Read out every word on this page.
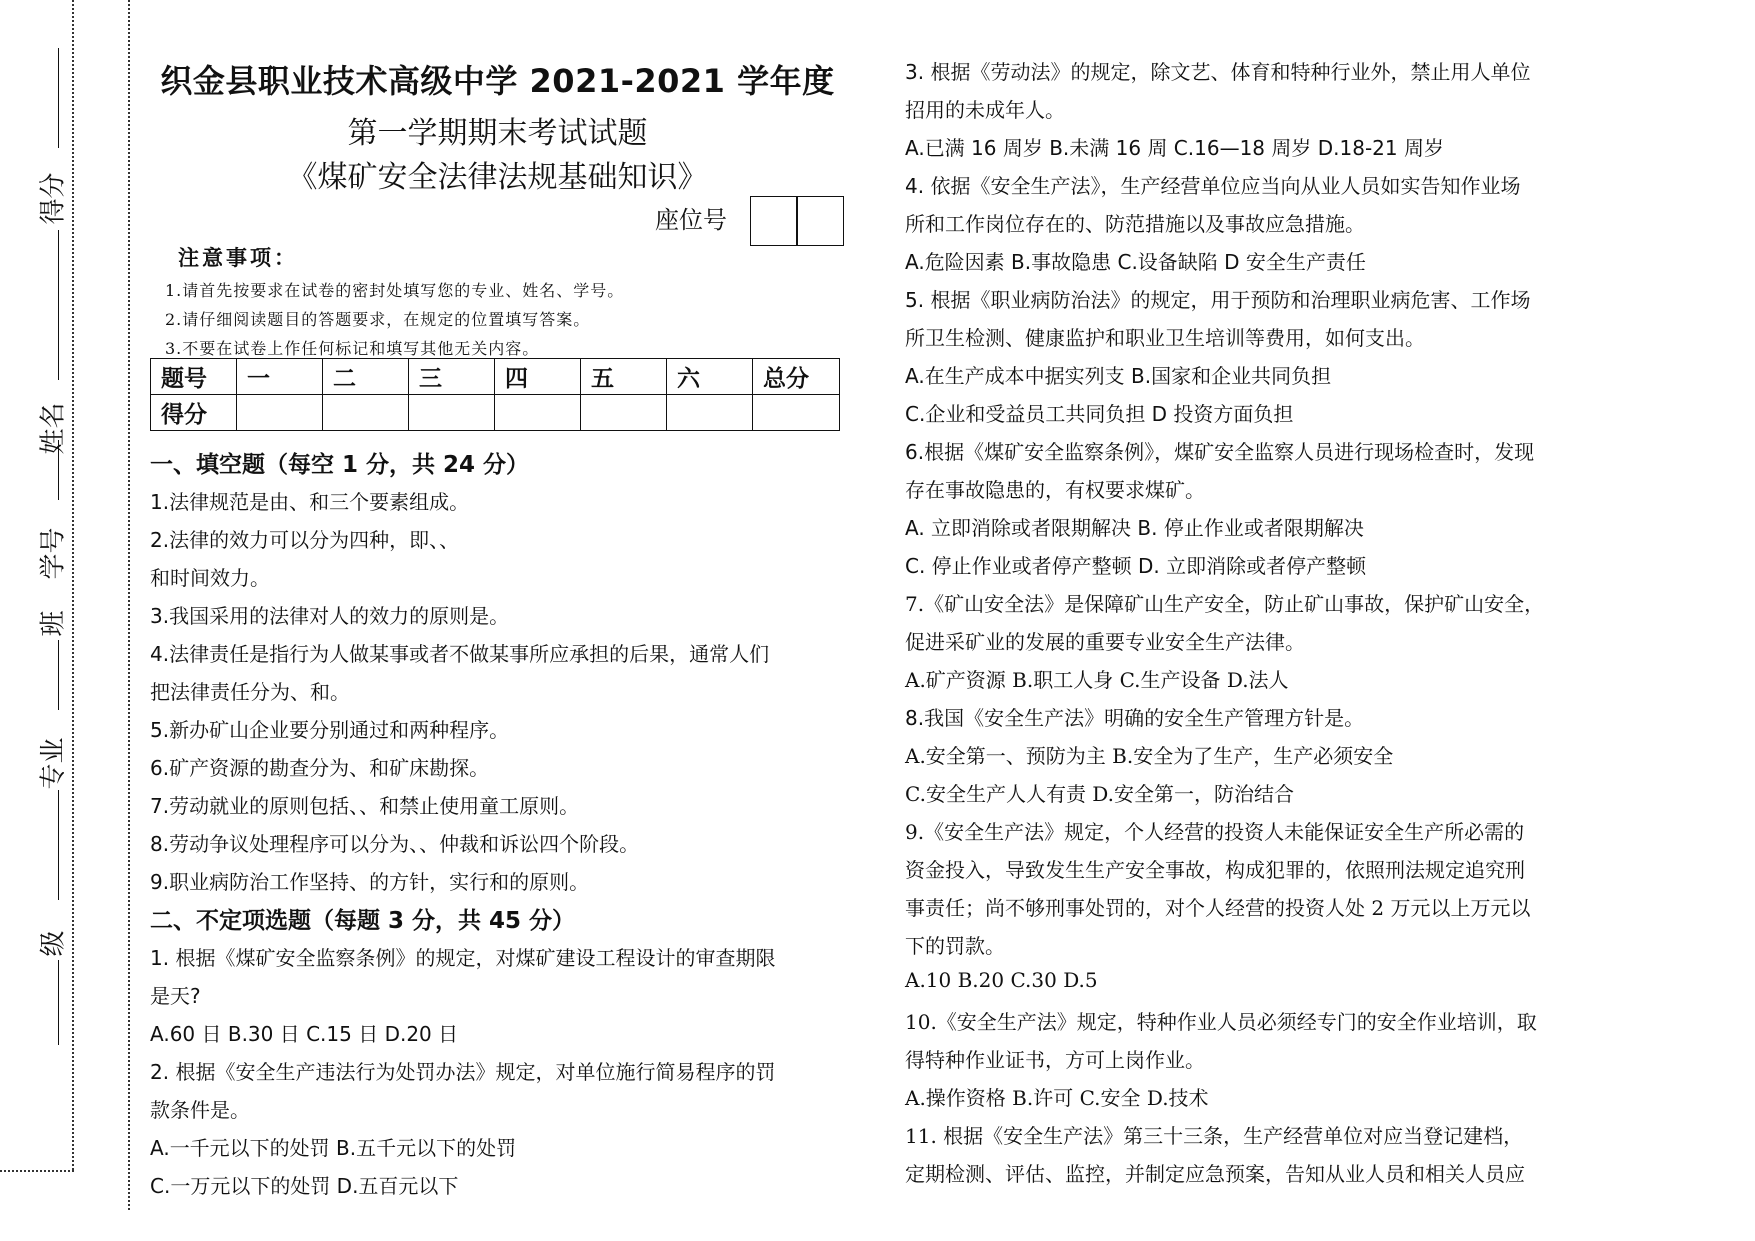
得分
姓名
学号
班
专业
级
织金县职业技术高级中学 2021-2021 学年度
第一学期期末考试试题
《煤矿安全法律法规基础知识》
座位号
注意事项：
1.请首先按要求在试卷的密封处填写您的专业、姓名、学号。
2.请仔细阅读题目的答题要求，在规定的位置填写答案。
3.不要在试卷上作任何标记和填写其他无关内容。
题号	一	二	三	四	五	六	总分
得分							
一、填空题（每空 1 分，共 24 分）
1.法律规范是由、和三个要素组成。
2.法律的效力可以分为四种，即、、
和时间效力。
3.我国采用的法律对人的效力的原则是。
4.法律责任是指行为人做某事或者不做某事所应承担的后果，通常人们
把法律责任分为、和。
5.新办矿山企业要分别通过和两种程序。
6.矿产资源的勘查分为、和矿床勘探。
7.劳动就业的原则包括、、和禁止使用童工原则。
8.劳动争议处理程序可以分为、、仲裁和诉讼四个阶段。
9.职业病防治工作坚持、的方针，实行和的原则。
二、不定项选题（每题 3 分，共 45 分）
1. 根据《煤矿安全监察条例》的规定，对煤矿建设工程设计的审查期限
是天?
A.60 日 B.30 日 C.15 日 D.20 日
2. 根据《安全生产违法行为处罚办法》规定，对单位施行简易程序的罚
款条件是。
A.一千元以下的处罚 B.五千元以下的处罚
C.一万元以下的处罚 D.五百元以下
3. 根据《劳动法》的规定，除文艺、体育和特种行业外，禁止用人单位
招用的未成年人。
A.已满 16 周岁 B.未满 16 周 C.16—18 周岁 D.18-21 周岁
4. 依据《安全生产法》，生产经营单位应当向从业人员如实告知作业场
所和工作岗位存在的、防范措施以及事故应急措施。
A.危险因素 B.事故隐患 C.设备缺陷 D 安全生产责任
5. 根据《职业病防治法》的规定，用于预防和治理职业病危害、工作场
所卫生检测、健康监护和职业卫生培训等费用，如何支出。
A.在生产成本中据实列支 B.国家和企业共同负担
C.企业和受益员工共同负担 D 投资方面负担
6.根据《煤矿安全监察条例》，煤矿安全监察人员进行现场检查时，发现
存在事故隐患的，有权要求煤矿。
A. 立即消除或者限期解决 B. 停止作业或者限期解决
C. 停止作业或者停产整顿 D. 立即消除或者停产整顿
7.《矿山安全法》是保障矿山生产安全，防止矿山事故，保护矿山安全，
促进采矿业的发展的重要专业安全生产法律。
A.矿产资源 B.职工人身 C.生产设备 D.法人
8.我国《安全生产法》明确的安全生产管理方针是。
A.安全第一、预防为主 B.安全为了生产，生产必须安全
C.安全生产人人有责 D.安全第一，防治结合
9.《安全生产法》规定，个人经营的投资人未能保证安全生产所必需的
资金投入，导致发生生产安全事故，构成犯罪的，依照刑法规定追究刑
事责任；尚不够刑事处罚的，对个人经营的投资人处 2 万元以上万元以
下的罚款。
A.10 B.20 C.30 D.5
10.《安全生产法》规定，特种作业人员必须经专门的安全作业培训，取
得特种作业证书，方可上岗作业。
A.操作资格 B.许可 C.安全 D.技术
11. 根据《安全生产法》第三十三条，生产经营单位对应当登记建档，
定期检测、评估、监控，并制定应急预案，告知从业人员和相关人员应
